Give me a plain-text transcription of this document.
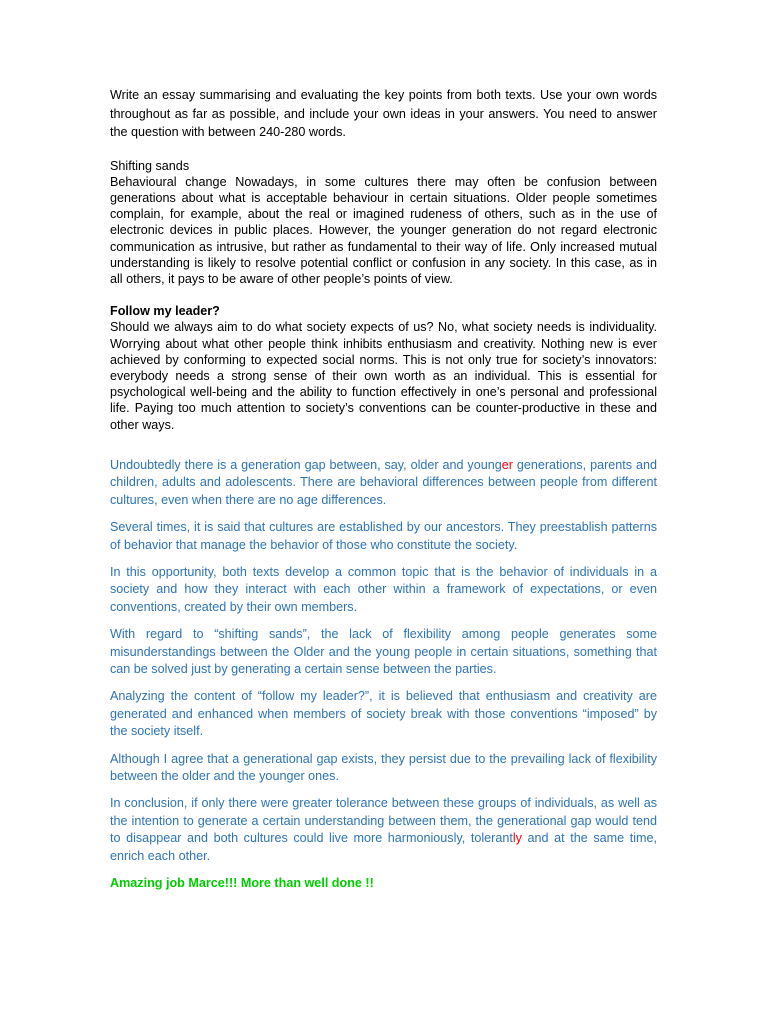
Write an essay summarising and evaluating the key points from both texts. Use your own words throughout as far as possible, and include your own ideas in your answers. You need to answer the question with between 240-280 words.

Shifting sands
Behavioural change Nowadays, in some cultures there may often be confusion between generations about what is acceptable behaviour in certain situations. Older people sometimes complain, for example, about the real or imagined rudeness of others, such as in the use of electronic devices in public places. However, the younger generation do not regard electronic communication as intrusive, but rather as fundamental to their way of life. Only increased mutual understanding is likely to resolve potential conflict or confusion in any society. In this case, as in all others, it pays to be aware of other people’s points of view.

Follow my leader?
Should we always aim to do what society expects of us? No, what society needs is individuality. Worrying about what other people think inhibits enthusiasm and creativity. Nothing new is ever achieved by conforming to expected social norms. This is not only true for society’s innovators: everybody needs a strong sense of their own worth as an individual. This is essential for psychological well-being and the ability to function effectively in one’s personal and professional life. Paying too much attention to society’s conventions can be counter-productive in these and other ways.

Undoubtedly there is a generation gap between, say, older and younger generations, parents and children, adults and adolescents. There are behavioral differences between people from different cultures, even when there are no age differences.

Several times, it is said that cultures are established by our ancestors. They preestablish patterns of behavior that manage the behavior of those who constitute the society.

In this opportunity, both texts develop a common topic that is the behavior of individuals in a society and how they interact with each other within a framework of expectations, or even conventions, created by their own members.

With regard to “shifting sands”, the lack of flexibility among people generates some misunderstandings between the Older and the young people in certain situations, something that can be solved just by generating a certain sense between the parties.

Analyzing the content of “follow my leader?”, it is believed that enthusiasm and creativity are generated and enhanced when members of society break with those conventions “imposed” by the society itself.

Although I agree that a generational gap exists, they persist due to the prevailing lack of flexibility between the older and the younger ones.

In conclusion, if only there were greater tolerance between these groups of individuals, as well as the intention to generate a certain understanding between them, the generational gap would tend to disappear and both cultures could live more harmoniously, tolerantly and at the same time, enrich each other.

Amazing job Marce!!! More than well done !!
